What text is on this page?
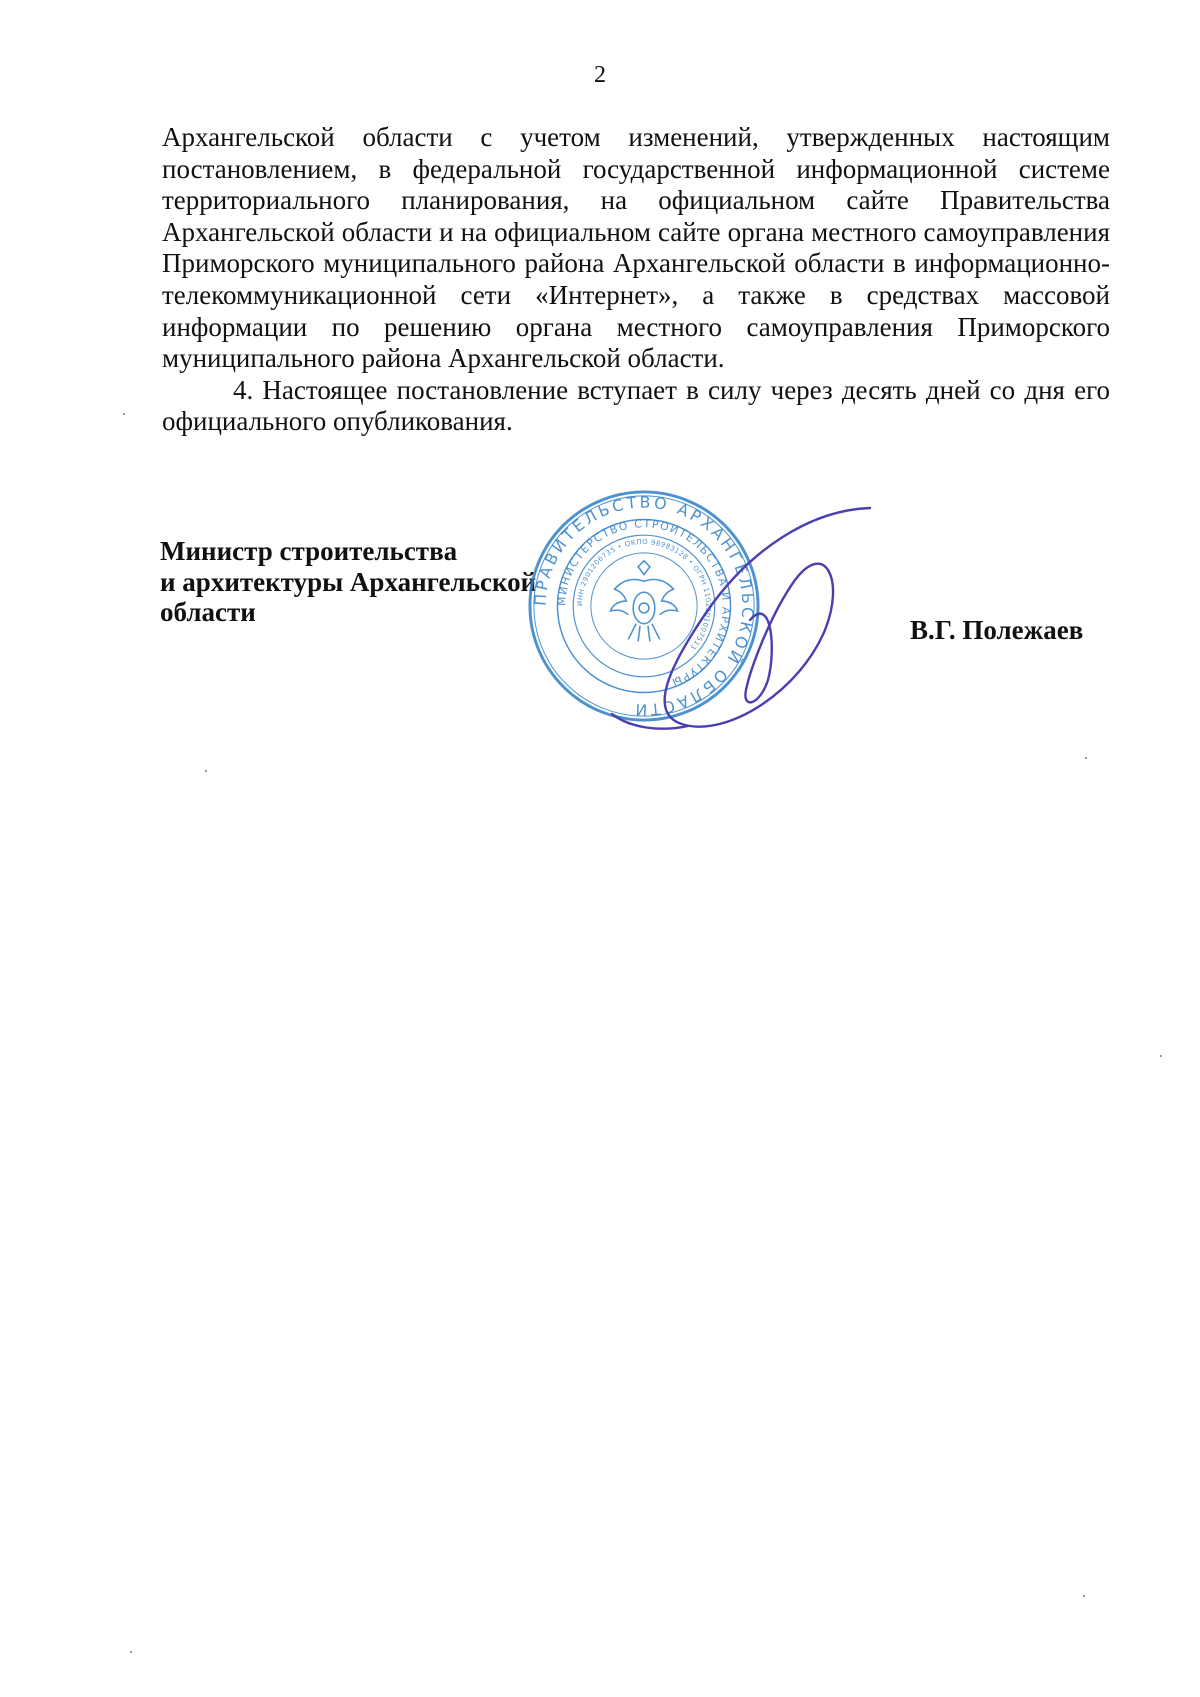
2

Архангельской области с учетом изменений, утвержденных настоящим постановлением, в федеральной государственной информационной системе территориального планирования, на официальном сайте Правительства Архангельской области и на официальном сайте органа местного самоуправления Приморского муниципального района Архангельской области в информационно-телекоммуникационной сети «Интернет», а также в средствах массовой информации по решению органа местного самоуправления Приморского муниципального района Архангельской области.

4. Настоящее постановление вступает в силу через десять дней со дня его официального опубликования.

Министр строительства
и архитектуры Архангельской
области	ПРАВИТЕЛЬСТВО АРХАНГЕЛЬСКОЙ ОБЛАСТИ
МИНИСТЕРСТВО СТРОИТЕЛЬСТВА И АРХИТЕКТУРЫ
ИНН 2901206735 • ОКПО 98983128 • ОГРН 1102901007513
В.Г. Полежаев
